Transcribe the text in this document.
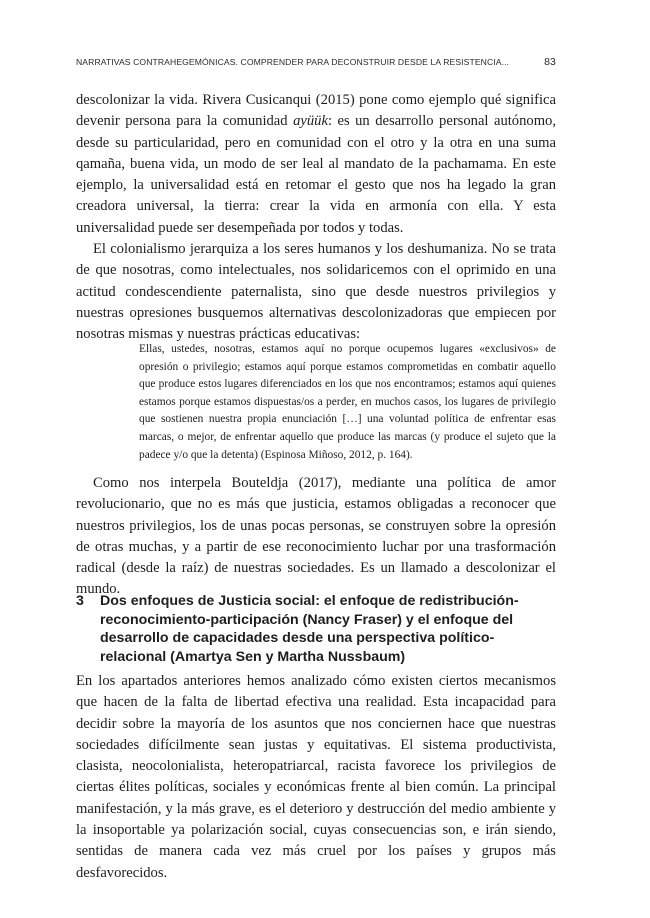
NARRATIVAS CONTRAHEGEMÓNICAS. COMPRENDER PARA DECONSTRUIR DESDE LA RESISTENCIA...	83
descolonizar la vida. Rivera Cusicanqui (2015) pone como ejemplo qué significa devenir persona para la comunidad ayüük: es un desarrollo personal autónomo, desde su particularidad, pero en comunidad con el otro y la otra en una suma qamaña, buena vida, un modo de ser leal al mandato de la pachamama. En este ejemplo, la universalidad está en retomar el gesto que nos ha legado la gran creadora universal, la tierra: crear la vida en armonía con ella. Y esta universalidad puede ser desempeñada por todos y todas.
El colonialismo jerarquiza a los seres humanos y los deshumaniza. No se trata de que nosotras, como intelectuales, nos solidaricemos con el oprimido en una actitud condescendiente paternalista, sino que desde nuestros privilegios y nuestras opresiones busquemos alternativas descolonizadoras que empiecen por nosotras mismas y nuestras prácticas educativas:
Ellas, ustedes, nosotras, estamos aquí no porque ocupemos lugares «exclusivos» de opresión o privilegio; estamos aquí porque estamos comprometidas en combatir aquello que produce estos lugares diferenciados en los que nos encontramos; estamos aquí quienes estamos porque estamos dispuestas/os a perder, en muchos casos, los lugares de privilegio que sostienen nuestra propia enunciación […] una voluntad política de enfrentar esas marcas, o mejor, de enfrentar aquello que produce las marcas (y produce el sujeto que la padece y/o que la detenta) (Espinosa Miñoso, 2012, p. 164).
Como nos interpela Bouteldja (2017), mediante una política de amor revolucionario, que no es más que justicia, estamos obligadas a reconocer que nuestros privilegios, los de unas pocas personas, se construyen sobre la opresión de otras muchas, y a partir de ese reconocimiento luchar por una trasformación radical (desde la raíz) de nuestras sociedades. Es un llamado a descolonizar el mundo.
3	Dos enfoques de Justicia social: el enfoque de redistribución-reconocimiento-participación (Nancy Fraser) y el enfoque del desarrollo de capacidades desde una perspectiva político-relacional (Amartya Sen y Martha Nussbaum)
En los apartados anteriores hemos analizado cómo existen ciertos mecanismos que hacen de la falta de libertad efectiva una realidad. Esta incapacidad para decidir sobre la mayoría de los asuntos que nos conciernen hace que nuestras sociedades difícilmente sean justas y equitativas. El sistema productivista, clasista, neocolonialista, heteropatriarcal, racista favorece los privilegios de ciertas élites políticas, sociales y económicas frente al bien común. La principal manifestación, y la más grave, es el deterioro y destrucción del medio ambiente y la insoportable ya polarización social, cuyas consecuencias son, e irán siendo, sentidas de manera cada vez más cruel por los países y grupos más desfavorecidos.
